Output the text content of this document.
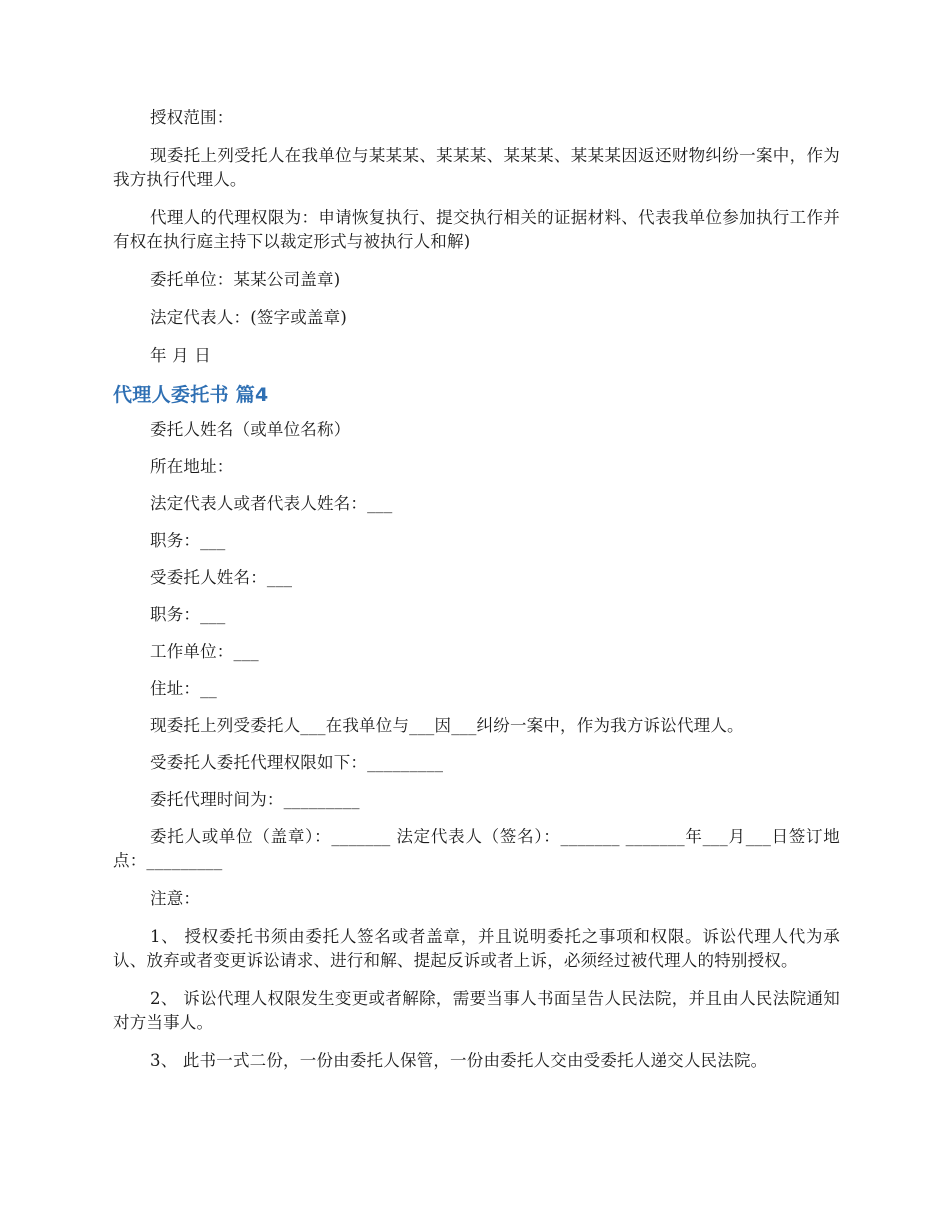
授权范围：

现委托上列受托人在我单位与某某某、某某某、某某某、某某某因返还财物纠纷一案中，作为我方执行代理人。

代理人的代理权限为：申请恢复执行、提交执行相关的证据材料、代表我单位参加执行工作并有权在执行庭主持下以裁定形式与被执行人和解)

委托单位：某某公司盖章)

法定代表人：(签字或盖章)

年 月 日

代理人委托书 篇4

委托人姓名（或单位名称）

所在地址：

法定代表人或者代表人姓名：___

职务：___

受委托人姓名：___

职务：___

工作单位：___

住址：__

现委托上列受委托人___在我单位与___因___纠纷一案中，作为我方诉讼代理人。

受委托人委托代理权限如下：_________

委托代理时间为：_________

委托人或单位（盖章）：_______ 法定代表人（签名）：_______ _______年___月___日签订地点：_________

注意：

1、 授权委托书须由委托人签名或者盖章，并且说明委托之事项和权限。诉讼代理人代为承认、放弃或者变更诉讼请求、进行和解、提起反诉或者上诉，必须经过被代理人的特别授权。

2、 诉讼代理人权限发生变更或者解除，需要当事人书面呈告人民法院，并且由人民法院通知对方当事人。

3、 此书一式二份，一份由委托人保管，一份由委托人交由受委托人递交人民法院。
